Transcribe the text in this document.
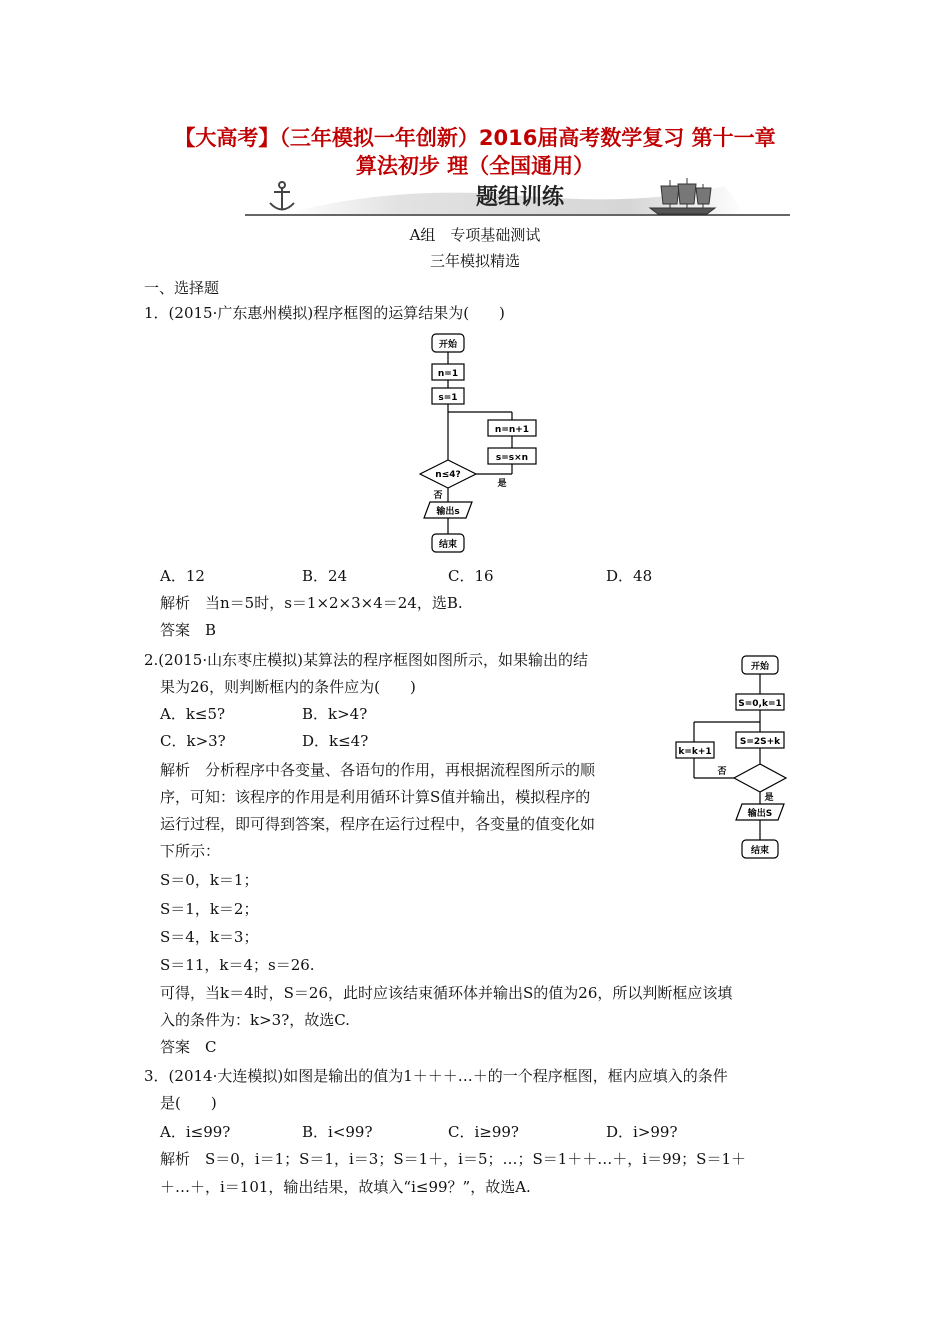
【大高考】（三年模拟一年创新）2016届高考数学复习 第十一章
算法初步 理（全国通用）
题组训练
A组　专项基础测试
三年模拟精选
一、选择题
1．(2015·广东惠州模拟)程序框图的运算结果为(　　)
开始
n=1
s=1
n=n+1
s=s×n
n≤4?
是
否
输出s
结束
A．12	B．24	C．16	D．48
解析　当n＝5时，s＝1×2×3×4＝24，选B.
答案　B
2.(2015·山东枣庄模拟)某算法的程序框图如图所示，如果输出的结
果为26，则判断框内的条件应为(　　)
A．k≤5?	B．k>4?
C．k>3?	D．k≤4?
解析　分析程序中各变量、各语句的作用，再根据流程图所示的顺
序，可知：该程序的作用是利用循环计算S值并输出，模拟程序的
运行过程，即可得到答案，程序在运行过程中，各变量的值变化如
下所示：
S＝0，k＝1；
S＝1，k＝2；
S＝4，k＝3；
S＝11，k＝4；s＝26.
可得，当k＝4时，S＝26，此时应该结束循环体并输出S的值为26，所以判断框应该填
入的条件为：k>3?，故选C.
答案　C
开始
S=0,k=1
S=2S+k
k=k+1
否
是
输出S
结束
3．(2014·大连模拟)如图是输出的值为1＋＋＋…＋的一个程序框图，框内应填入的条件
是(　　)
A．i≤99?	B．i<99?	C．i≥99?	D．i>99?
解析　S＝0，i＝1；S＝1，i＝3；S＝1＋，i＝5；…；S＝1＋＋…＋，i＝99；S＝1＋
＋…＋，i＝101，输出结果，故填入“i≤99？”，故选A.
